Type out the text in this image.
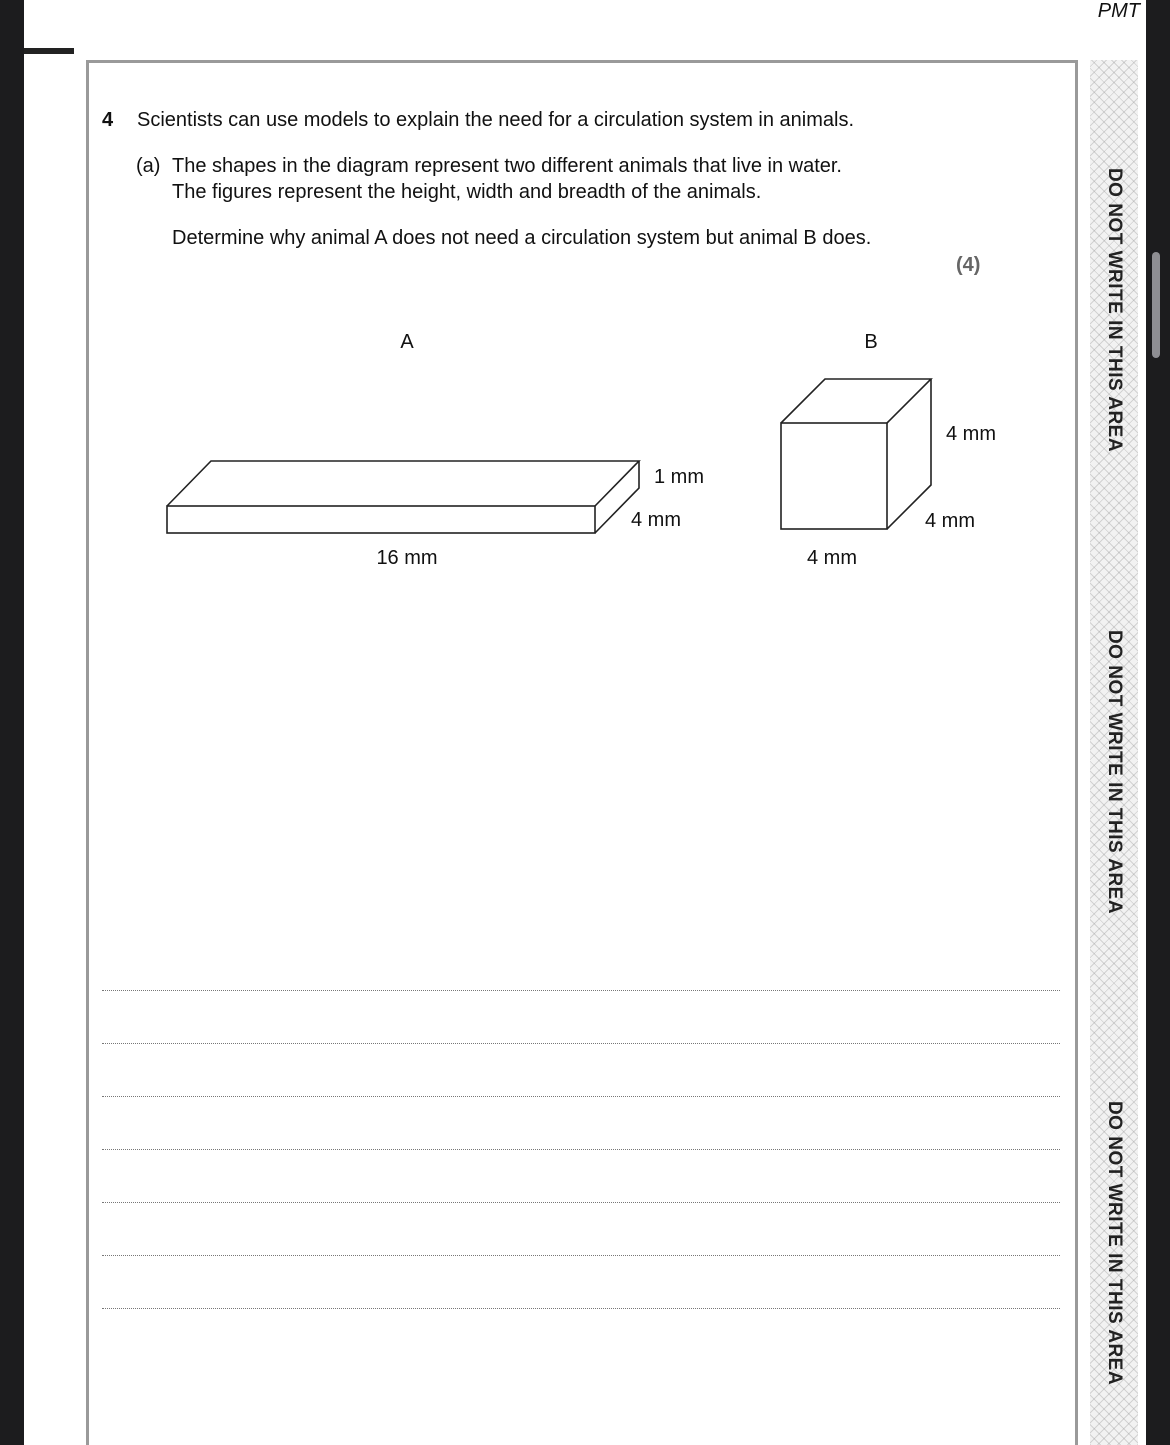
PMT
4 Scientists can use models to explain the need for a circulation system in animals.
(a) The shapes in the diagram represent two different animals that live in water.
The figures represent the height, width and breadth of the animals.
Determine why animal A does not need a circulation system but animal B does.
(4)
A
1 mm
4 mm
16 mm
B
4 mm
4 mm
4 mm
DO NOT WRITE IN THIS AREA
DO NOT WRITE IN THIS AREA
DO NOT WRITE IN THIS AREA
